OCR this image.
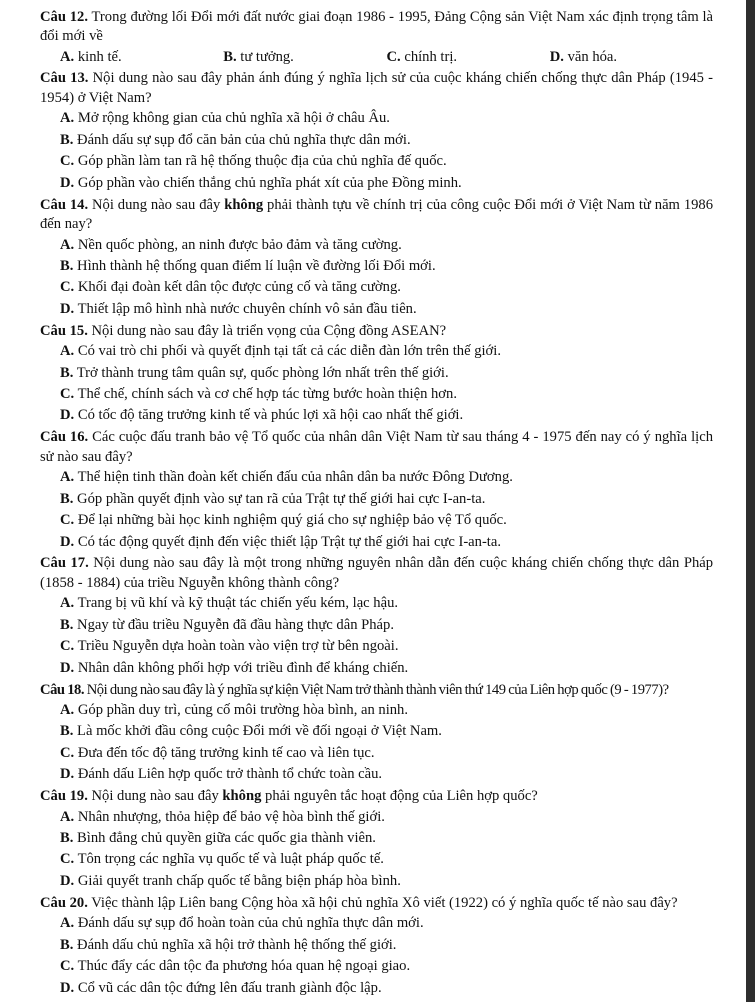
Câu 12. Trong đường lối Đổi mới đất nước giai đoạn 1986 - 1995, Đảng Cộng sản Việt Nam xác định trọng tâm là đổi mới về
A. kinh tế.	B. tư tưởng.	C. chính trị.	D. văn hóa.
Câu 13. Nội dung nào sau đây phản ánh đúng ý nghĩa lịch sử của cuộc kháng chiến chống thực dân Pháp (1945 - 1954) ở Việt Nam?
A. Mở rộng không gian của chủ nghĩa xã hội ở châu Âu.
B. Đánh dấu sự sụp đổ căn bản của chủ nghĩa thực dân mới.
C. Góp phần làm tan rã hệ thống thuộc địa của chủ nghĩa đế quốc.
D. Góp phần vào chiến thắng chủ nghĩa phát xít của phe Đồng minh.
Câu 14. Nội dung nào sau đây không phải thành tựu về chính trị của công cuộc Đổi mới ở Việt Nam từ năm 1986 đến nay?
A. Nền quốc phòng, an ninh được bảo đảm và tăng cường.
B. Hình thành hệ thống quan điểm lí luận về đường lối Đổi mới.
C. Khối đại đoàn kết dân tộc được củng cố và tăng cường.
D. Thiết lập mô hình nhà nước chuyên chính vô sản đầu tiên.
Câu 15. Nội dung nào sau đây là triển vọng của Cộng đồng ASEAN?
A. Có vai trò chi phối và quyết định tại tất cả các diễn đàn lớn trên thế giới.
B. Trở thành trung tâm quân sự, quốc phòng lớn nhất trên thế giới.
C. Thể chế, chính sách và cơ chế hợp tác từng bước hoàn thiện hơn.
D. Có tốc độ tăng trưởng kinh tế và phúc lợi xã hội cao nhất thế giới.
Câu 16. Các cuộc đấu tranh bảo vệ Tổ quốc của nhân dân Việt Nam từ sau tháng 4 - 1975 đến nay có ý nghĩa lịch sử nào sau đây?
A. Thể hiện tinh thần đoàn kết chiến đấu của nhân dân ba nước Đông Dương.
B. Góp phần quyết định vào sự tan rã của Trật tự thế giới hai cực I-an-ta.
C. Để lại những bài học kinh nghiệm quý giá cho sự nghiệp bảo vệ Tổ quốc.
D. Có tác động quyết định đến việc thiết lập Trật tự thế giới hai cực I-an-ta.
Câu 17. Nội dung nào sau đây là một trong những nguyên nhân dẫn đến cuộc kháng chiến chống thực dân Pháp (1858 - 1884) của triều Nguyễn không thành công?
A. Trang bị vũ khí và kỹ thuật tác chiến yếu kém, lạc hậu.
B. Ngay từ đầu triều Nguyễn đã đầu hàng thực dân Pháp.
C. Triều Nguyễn dựa hoàn toàn vào viện trợ từ bên ngoài.
D. Nhân dân không phối hợp với triều đình để kháng chiến.
Câu 18. Nội dung nào sau đây là ý nghĩa sự kiện Việt Nam trở thành thành viên thứ 149 của Liên hợp quốc (9 - 1977)?
A. Góp phần duy trì, củng cố môi trường hòa bình, an ninh.
B. Là mốc khởi đầu công cuộc Đổi mới về đối ngoại ở Việt Nam.
C. Đưa đến tốc độ tăng trưởng kinh tế cao và liên tục.
D. Đánh dấu Liên hợp quốc trở thành tổ chức toàn cầu.
Câu 19. Nội dung nào sau đây không phải nguyên tắc hoạt động của Liên hợp quốc?
A. Nhân nhượng, thỏa hiệp để bảo vệ hòa bình thế giới.
B. Bình đẳng chủ quyền giữa các quốc gia thành viên.
C. Tôn trọng các nghĩa vụ quốc tế và luật pháp quốc tế.
D. Giải quyết tranh chấp quốc tế bằng biện pháp hòa bình.
Câu 20. Việc thành lập Liên bang Cộng hòa xã hội chủ nghĩa Xô viết (1922) có ý nghĩa quốc tế nào sau đây?
A. Đánh dấu sự sụp đổ hoàn toàn của chủ nghĩa thực dân mới.
B. Đánh dấu chủ nghĩa xã hội trở thành hệ thống thế giới.
C. Thúc đẩy các dân tộc đa phương hóa quan hệ ngoại giao.
D. Cổ vũ các dân tộc đứng lên đấu tranh giành độc lập.
